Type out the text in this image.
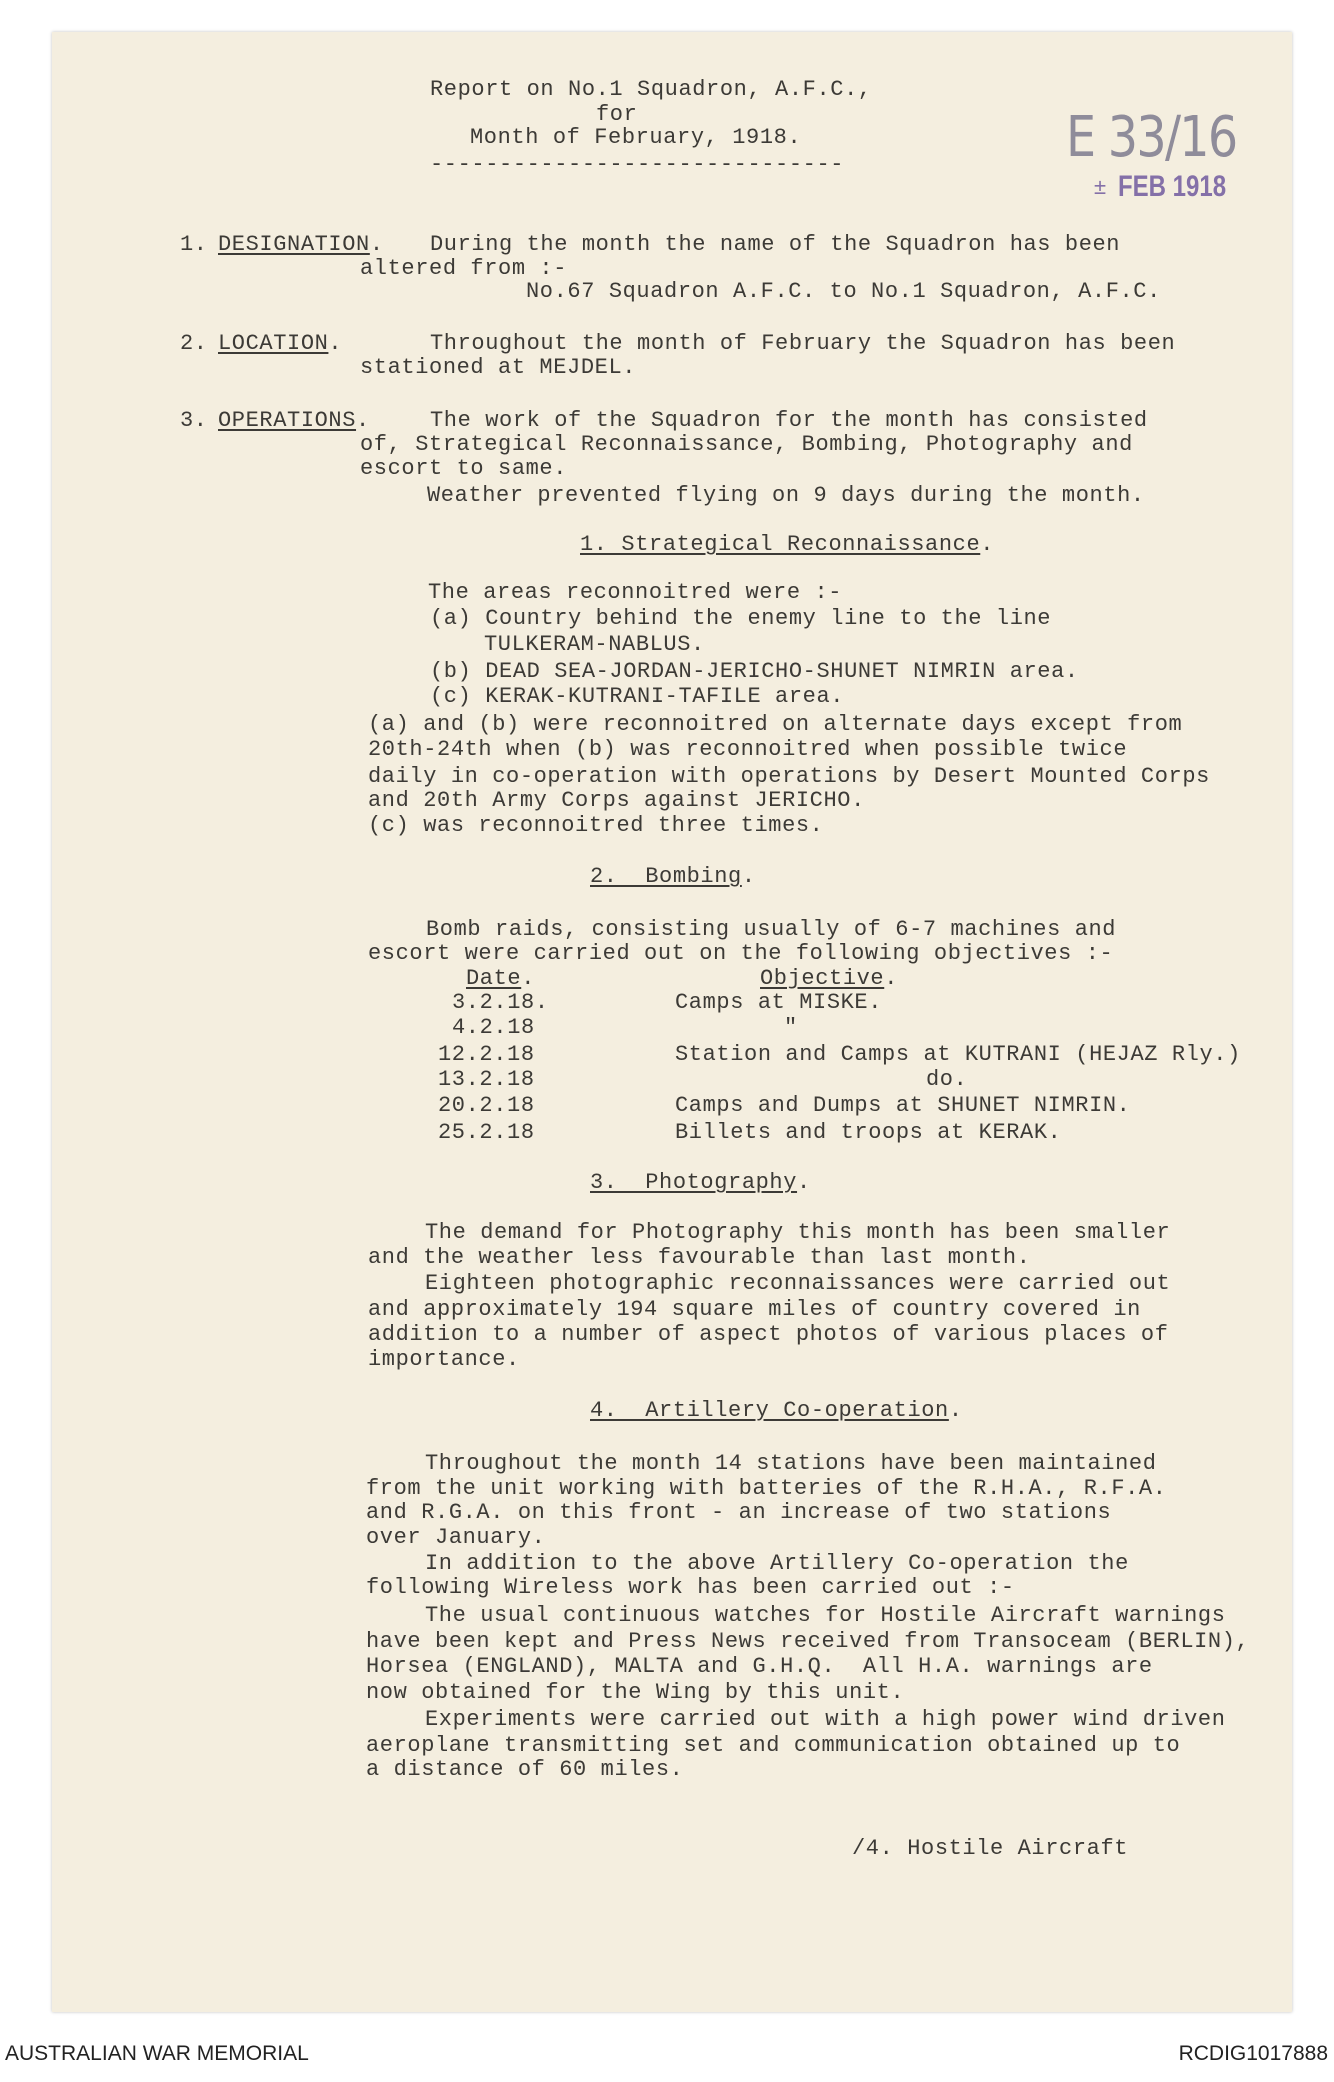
Report on No.1 Squadron, A.F.C.,
for
Month of February, 1918.
------------------------------	E 33/16
± FEB 1918
1. DESIGNATION. During the month the name of the Squadron has been
altered from :-
No.67 Squadron A.F.C. to No.1 Squadron, A.F.C.
2. LOCATION.	Throughout the month of February the Squadron has been
stationed at MEJDEL.
3. OPERATIONS.	The work of the Squadron for the month has consisted
of, Strategical Reconnaissance, Bombing, Photography and
escort to same.
Weather prevented flying on 9 days during the month.
1. Strategical Reconnaissance.
The areas reconnoitred were :-
(a) Country behind the enemy line to the line
TULKERAM-NABLUS.
(b) DEAD SEA-JORDAN-JERICHO-SHUNET NIMRIN area.
(c) KERAK-KUTRANI-TAFILE area.
(a) and (b) were reconnoitred on alternate days except from
20th-24th when (b) was reconnoitred when possible twice
daily in co-operation with operations by Desert Mounted Corps
and 20th Army Corps against JERICHO.
(c) was reconnoitred three times.
2.  Bombing.
Bomb raids, consisting usually of 6-7 machines and
escort were carried out on the following objectives :-
Date.	Objective.
3.2.18.	Camps at MISKE.
4.2.18	"
12.2.18	Station and Camps at KUTRANI (HEJAZ Rly.)
13.2.18	do.
20.2.18	Camps and Dumps at SHUNET NIMRIN.
25.2.18	Billets and troops at KERAK.
3.  Photography.
The demand for Photography this month has been smaller
and the weather less favourable than last month.
Eighteen photographic reconnaissances were carried out
and approximately 194 square miles of country covered in
addition to a number of aspect photos of various places of
importance.
4.  Artillery Co-operation.
Throughout the month 14 stations have been maintained
from the unit working with batteries of the R.H.A., R.F.A.
and R.G.A. on this front - an increase of two stations
over January.
In addition to the above Artillery Co-operation the
following Wireless work has been carried out :-
The usual continuous watches for Hostile Aircraft warnings
have been kept and Press News received from Transoceam (BERLIN),
Horsea (ENGLAND), MALTA and G.H.Q.  All H.A. warnings are
now obtained for the Wing by this unit.
Experiments were carried out with a high power wind driven
aeroplane transmitting set and communication obtained up to
a distance of 60 miles.
/4. Hostile Aircraft
AUSTRALIAN WAR MEMORIAL	RCDIG1017888
